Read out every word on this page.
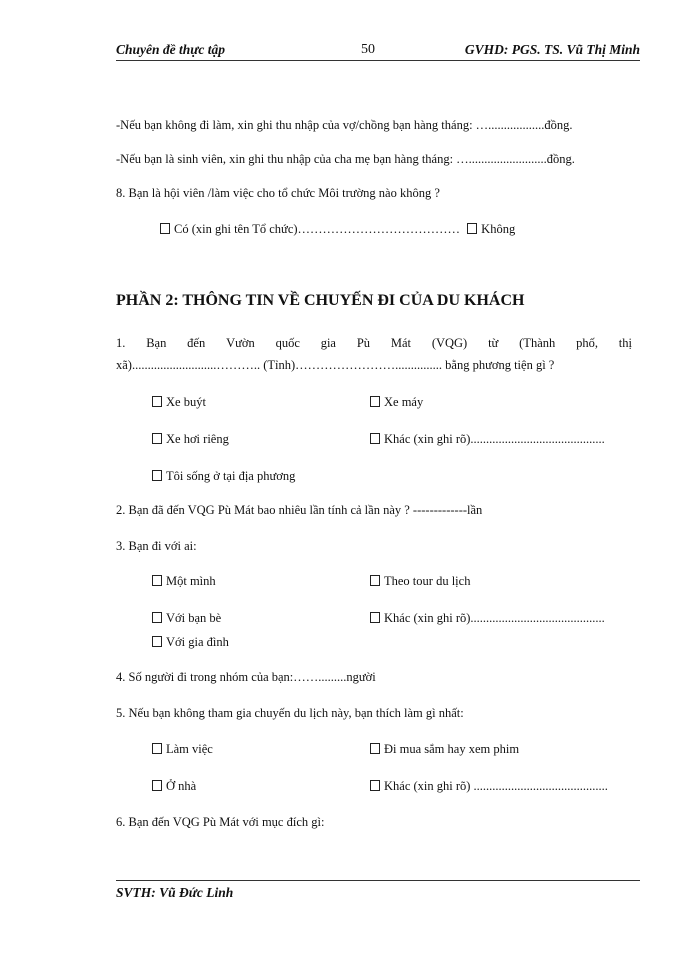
Chuyên đề thực tập	50	GVHD: PGS. TS. Vũ Thị Minh
-Nếu bạn không đi làm, xin ghi thu nhập của vợ/chồng bạn hàng tháng: …..................đồng.
-Nếu bạn là sinh viên, xin ghi thu nhập của cha mẹ bạn hàng tháng: ….........................đồng.
8. Bạn là hội viên /làm việc cho tổ chức Môi trường nào không ?
Có (xin ghi tên Tổ chức)………………………………… Không
PHẦN 2: THÔNG TIN VỀ CHUYẾN ĐI CỦA DU KHÁCH
1. Bạn đến Vườn quốc gia Pù Mát (VQG) từ (Thành phố, thị
xã)...........................……….. (Tỉnh)……………………............... bằng phương tiện gì ?
Xe buýt	Xe máy
Xe hơi riêng	Khác (xin ghi rõ)...........................................
Tôi sống ở tại địa phương
2. Bạn đã đến VQG Pù Mát bao nhiêu lần tính cả lần này ? -------------lần
3. Bạn đi với ai:
Một mình	Theo tour du lịch
Với bạn bè	Khác (xin ghi rõ)...........................................
Với gia đình
4. Số người đi trong nhóm của bạn:…….........người
5. Nếu bạn không tham gia chuyến du lịch này, bạn thích làm gì nhất:
Làm việc	Đi mua sắm hay xem phim
Ở nhà	Khác (xin ghi rõ) ...........................................
6. Bạn đến VQG Pù Mát với mục đích gì:
SVTH: Vũ Đức Linh
